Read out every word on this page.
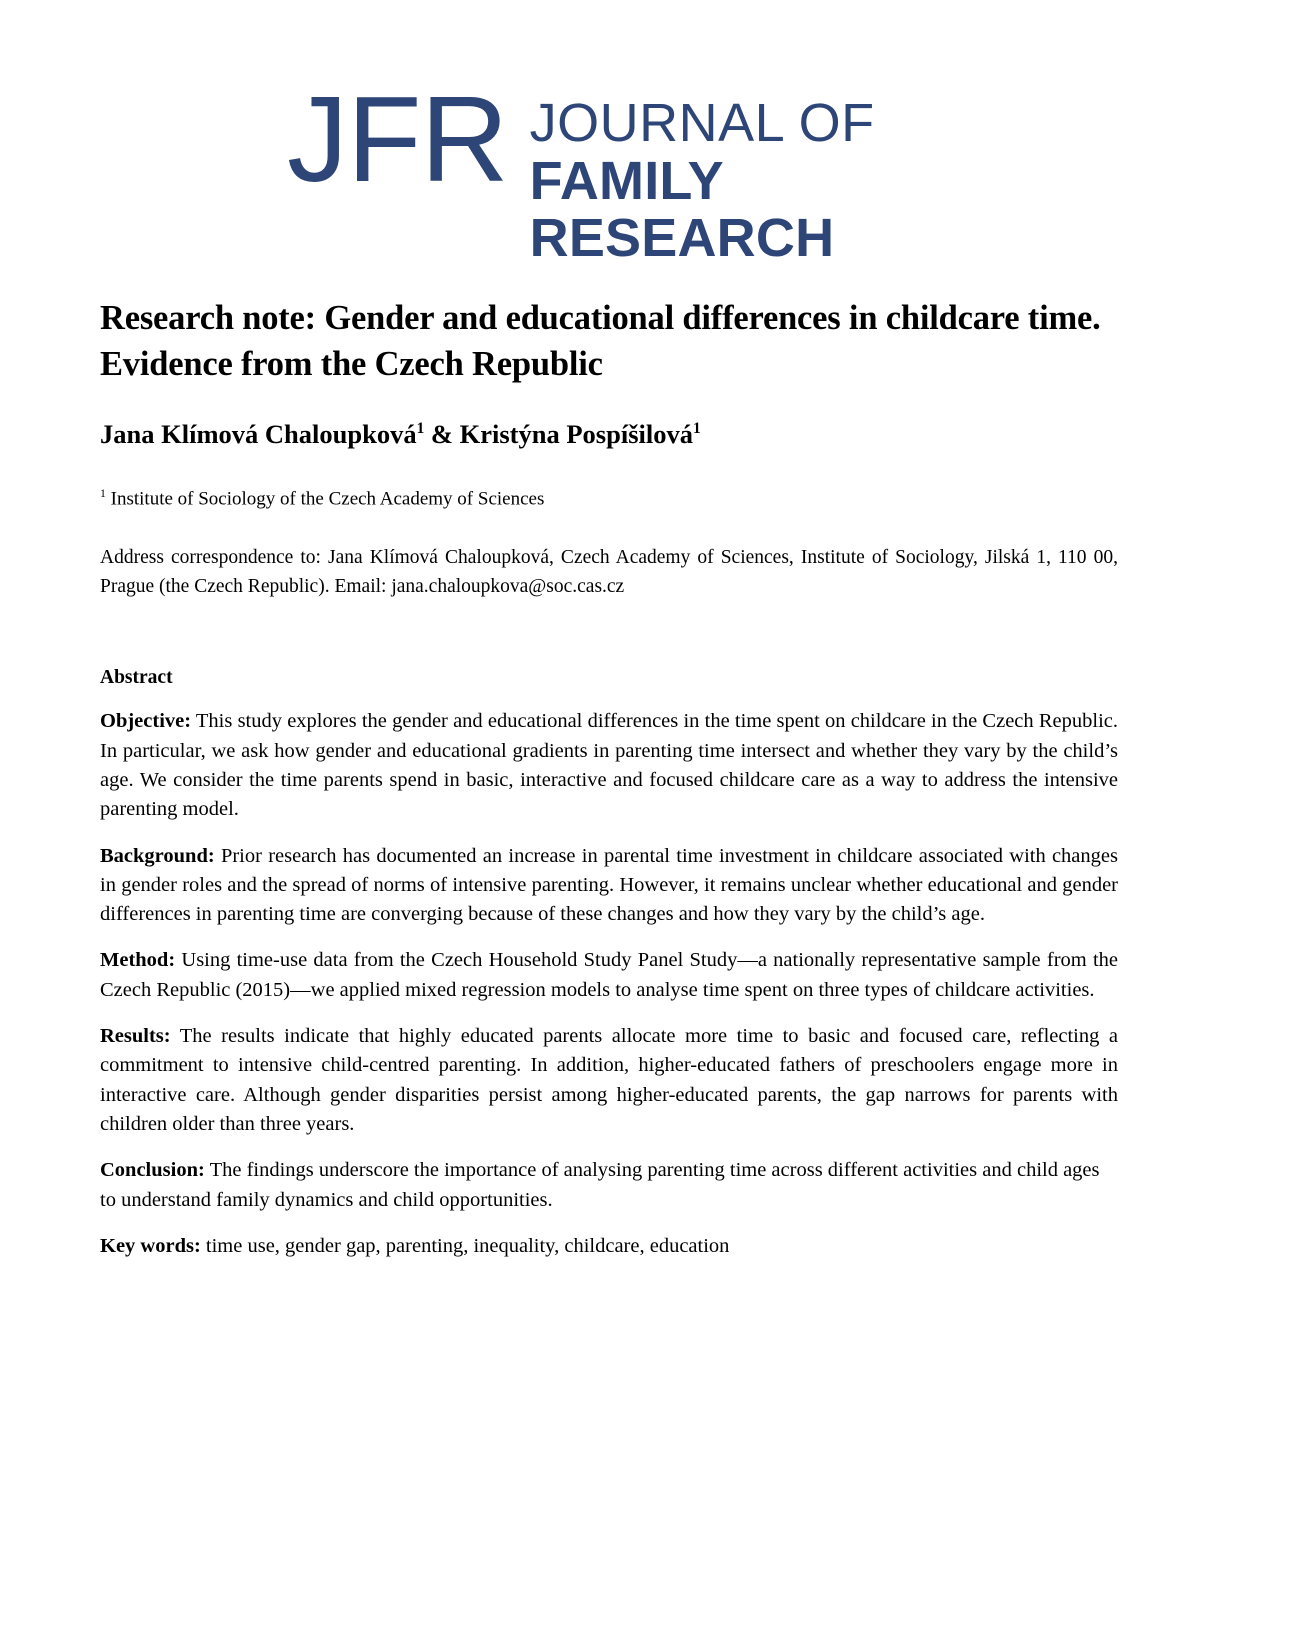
JFR JOURNAL OF
FAMILY RESEARCH
Research note: Gender and educational differences in childcare time. Evidence from the Czech Republic
Jana Klímová Chaloupková$^1$ & Kristýna Pospíšilová$^1$
$^1$ Institute of Sociology of the Czech Academy of Sciences
Address correspondence to: Jana Klímová Chaloupková, Czech Academy of Sciences, Institute of Sociology, Jilská 1, 110 00, Prague (the Czech Republic). Email: jana.chaloupkova@soc.cas.cz
Abstract
Objective: This study explores the gender and educational differences in the time spent on childcare in the Czech Republic. In particular, we ask how gender and educational gradients in parenting time intersect and whether they vary by the child’s age. We consider the time parents spend in basic, interactive and focused childcare care as a way to address the intensive parenting model.
Background: Prior research has documented an increase in parental time investment in childcare associated with changes in gender roles and the spread of norms of intensive parenting. However, it remains unclear whether educational and gender differences in parenting time are converging because of these changes and how they vary by the child’s age.
Method: Using time-use data from the Czech Household Study Panel Study—a nationally representative sample from the Czech Republic (2015)—we applied mixed regression models to analyse time spent on three types of childcare activities.
Results: The results indicate that highly educated parents allocate more time to basic and focused care, reflecting a commitment to intensive child-centred parenting. In addition, higher-educated fathers of preschoolers engage more in interactive care. Although gender disparities persist among higher-educated parents, the gap narrows for parents with children older than three years.
Conclusion: The findings underscore the importance of analysing parenting time across different activities and child ages to understand family dynamics and child opportunities.
Key words: time use, gender gap, parenting, inequality, childcare, education
